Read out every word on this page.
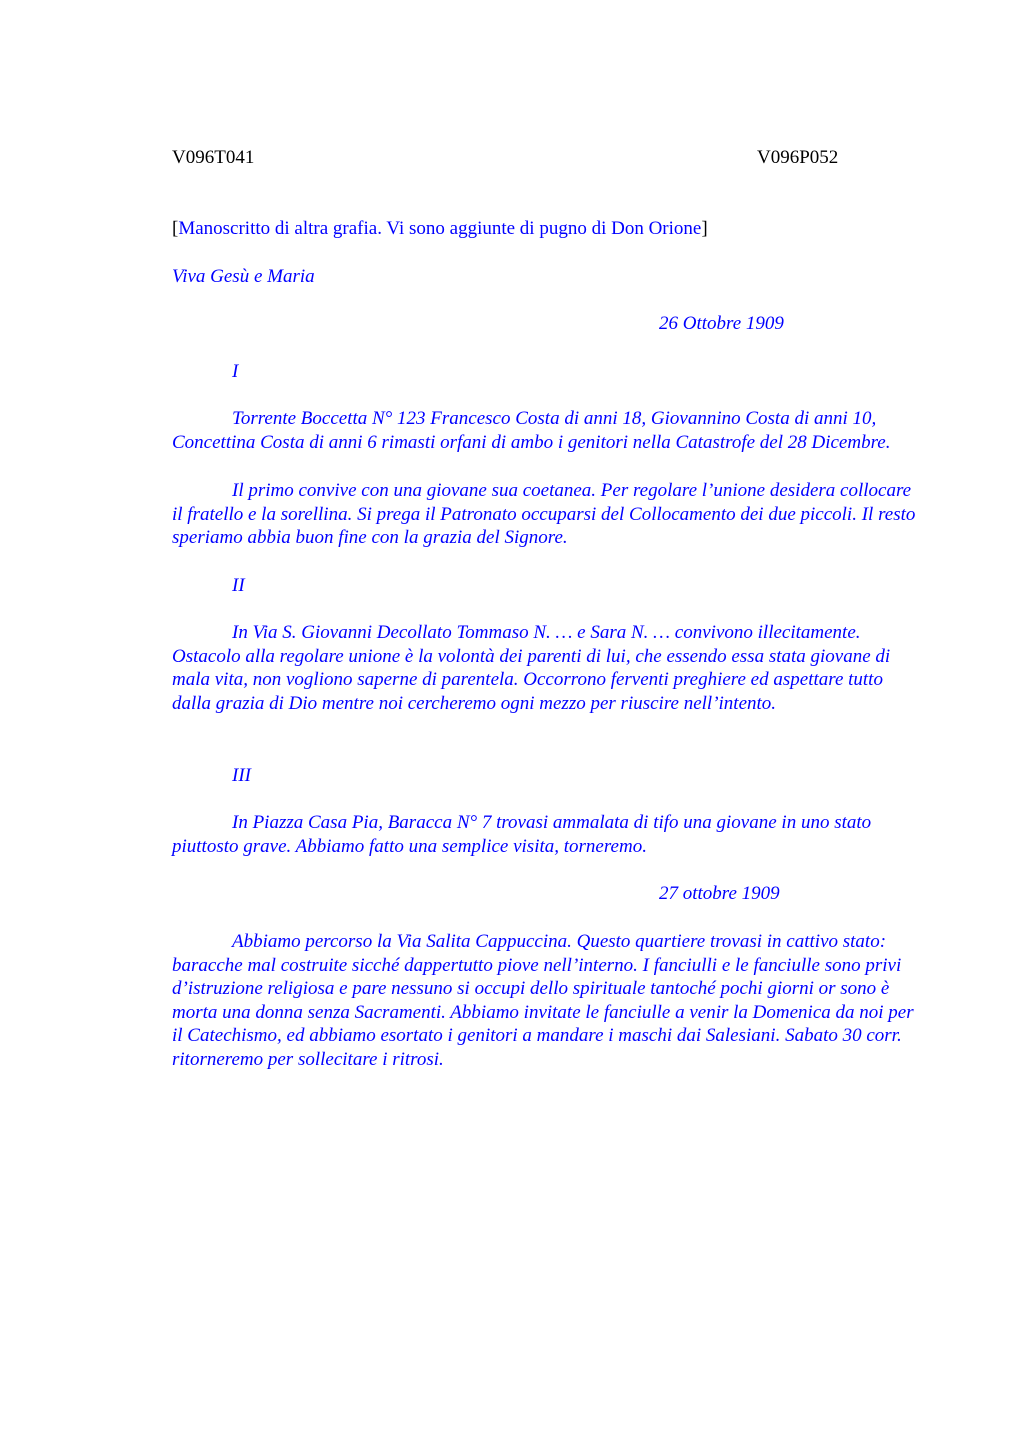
V096T041	V096P052
[Manoscritto di altra grafia. Vi sono aggiunte di pugno di Don Orione]
Viva Gesù e Maria
26 Ottobre 1909
I
Torrente Boccetta N° 123 Francesco Costa di anni 18, Giovannino Costa di anni 10, Concettina Costa di anni 6 rimasti orfani di ambo i genitori nella Catastrofe del 28 Dicembre.
Il primo convive con una giovane sua coetanea. Per regolare l’unione desidera collocare il fratello e la sorellina. Si prega il Patronato occuparsi del Collocamento dei due piccoli. Il resto speriamo abbia buon fine con la grazia del Signore.
II
In Via S. Giovanni Decollato Tommaso N. … e Sara N. … convivono illecitamente. Ostacolo alla regolare unione è la volontà dei parenti di lui, che essendo essa stata giovane di mala vita, non vogliono saperne di parentela. Occorrono ferventi preghiere ed aspettare tutto dalla grazia di Dio mentre noi cercheremo ogni mezzo per riuscire nell’intento.
III
In Piazza Casa Pia, Baracca N° 7 trovasi ammalata di tifo una giovane in uno stato piuttosto grave. Abbiamo fatto una semplice visita, torneremo.
27 ottobre 1909
Abbiamo percorso la Via Salita Cappuccina. Questo quartiere trovasi in cattivo stato: baracche mal costruite sicché dappertutto piove nell’interno. I fanciulli e le fanciulle sono privi d’istruzione religiosa e pare nessuno si occupi dello spirituale tantoché pochi giorni or sono è morta una donna senza Sacramenti. Abbiamo invitate le fanciulle a venir la Domenica da noi per il Catechismo, ed abbiamo esortato i genitori a mandare i maschi dai Salesiani. Sabato 30 corr. ritorneremo per sollecitare i ritrosi.
